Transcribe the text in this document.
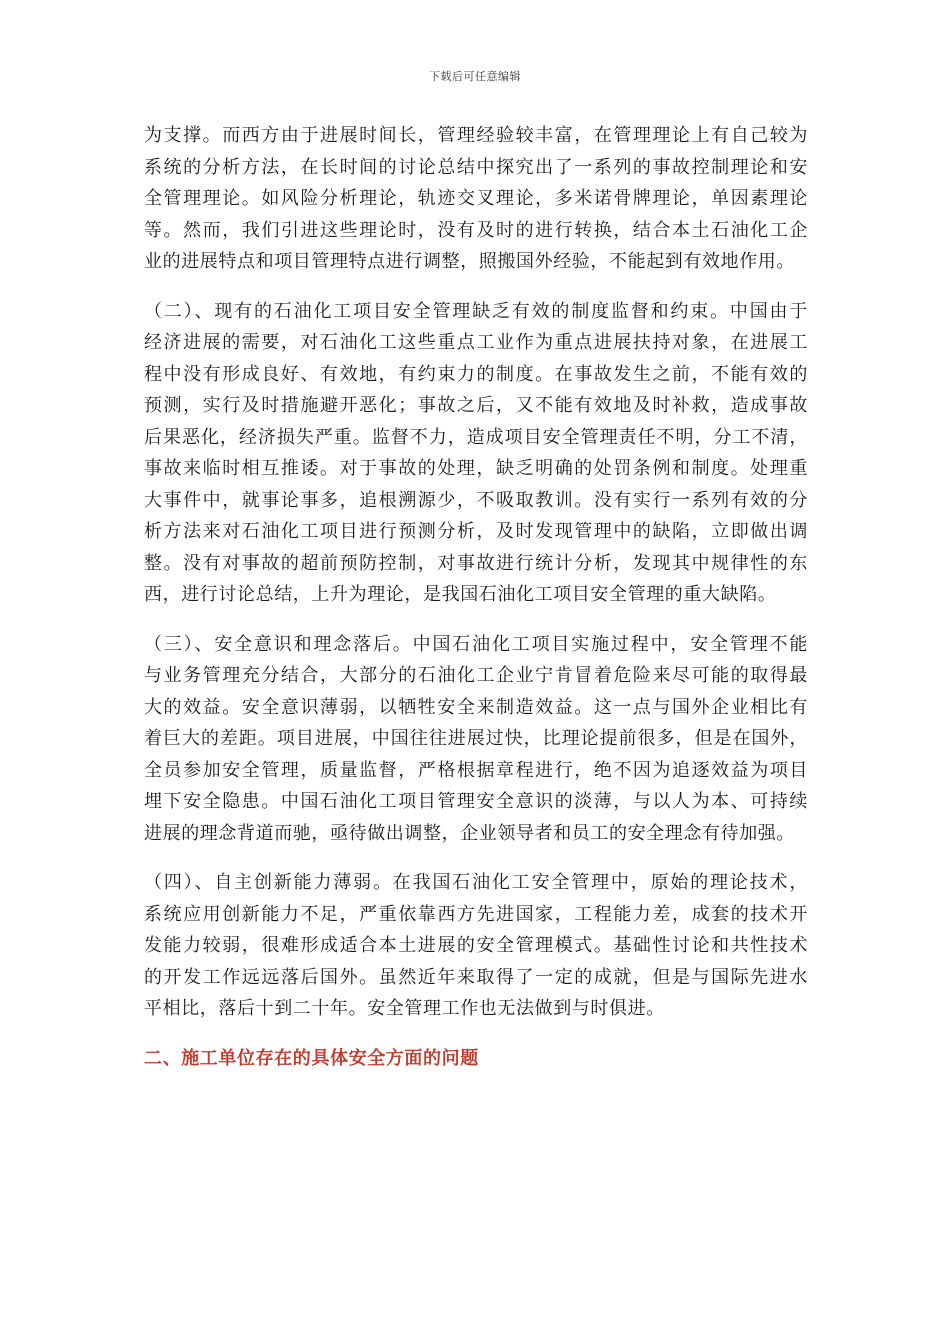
下载后可任意编辑
为支撑。而西方由于进展时间长，管理经验较丰富，在管理理论上有自己较为
系统的分析方法，在长时间的讨论总结中探究出了一系列的事故控制理论和安
全管理理论。如风险分析理论，轨迹交叉理论，多米诺骨牌理论，单因素理论
等。然而，我们引进这些理论时，没有及时的进行转换，结合本土石油化工企
业的进展特点和项目管理特点进行调整，照搬国外经验，不能起到有效地作用。
（二）、现有的石油化工项目安全管理缺乏有效的制度监督和约束。中国由于
经济进展的需要，对石油化工这些重点工业作为重点进展扶持对象，在进展工
程中没有形成良好、有效地，有约束力的制度。在事故发生之前，不能有效的
预测，实行及时措施避开恶化；事故之后，又不能有效地及时补救，造成事故
后果恶化，经济损失严重。监督不力，造成项目安全管理责任不明，分工不清，
事故来临时相互推诿。对于事故的处理，缺乏明确的处罚条例和制度。处理重
大事件中，就事论事多，追根溯源少，不吸取教训。没有实行一系列有效的分
析方法来对石油化工项目进行预测分析，及时发现管理中的缺陷，立即做出调
整。没有对事故的超前预防控制，对事故进行统计分析，发现其中规律性的东
西，进行讨论总结，上升为理论，是我国石油化工项目安全管理的重大缺陷。
（三）、安全意识和理念落后。中国石油化工项目实施过程中，安全管理不能
与业务管理充分结合，大部分的石油化工企业宁肯冒着危险来尽可能的取得最
大的效益。安全意识薄弱，以牺牲安全来制造效益。这一点与国外企业相比有
着巨大的差距。项目进展，中国往往进展过快，比理论提前很多，但是在国外，
全员参加安全管理，质量监督，严格根据章程进行，绝不因为追逐效益为项目
埋下安全隐患。中国石油化工项目管理安全意识的淡薄，与以人为本、可持续
进展的理念背道而驰，亟待做出调整，企业领导者和员工的安全理念有待加强。
（四）、自主创新能力薄弱。在我国石油化工安全管理中，原始的理论技术，
系统应用创新能力不足，严重依靠西方先进国家，工程能力差，成套的技术开
发能力较弱，很难形成适合本土进展的安全管理模式。基础性讨论和共性技术
的开发工作远远落后国外。虽然近年来取得了一定的成就，但是与国际先进水
平相比，落后十到二十年。安全管理工作也无法做到与时俱进。
二、施工单位存在的具体安全方面的问题
